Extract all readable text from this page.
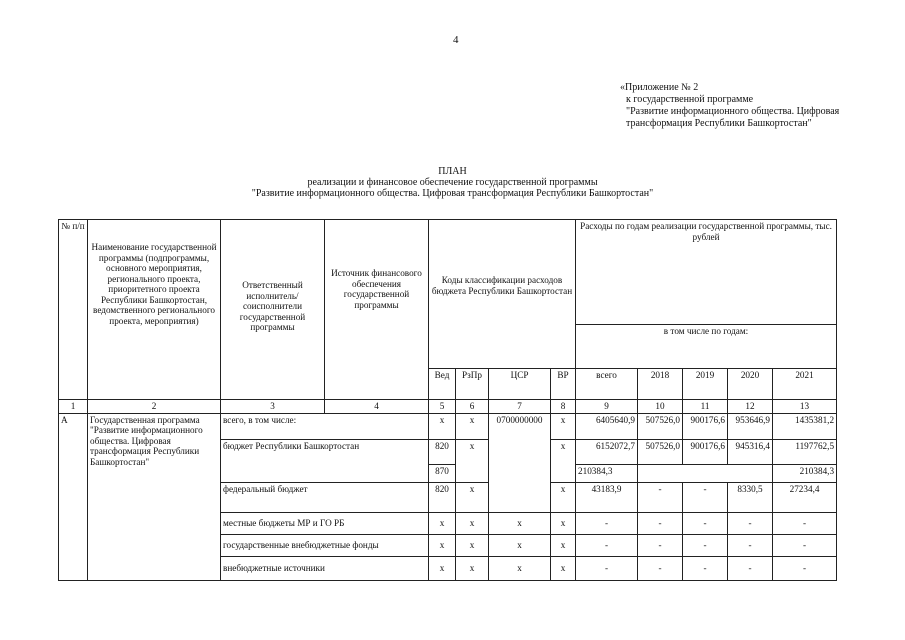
4
«Приложение № 2
к государственной программе
"Развитие информационного общества. Цифровая
трансформация Республики Башкортостан"
ПЛАН
реализации и финансовое обеспечение государственной программы
"Развитие информационного общества. Цифровая трансформация Республики Башкортостан"
№ п/п	Наименование государственной программы (подпрограммы, основного мероприятия, регионального проекта, приоритетного проекта Республики Башкортостан, ведомственного регионального проекта, мероприятия)	Ответственный исполнитель/ соисполнители государственной программы	Источник финансового обеспечения государственной программы	Коды классификации расходов бюджета Республики Башкортостан				Расходы по годам реализации государственной программы, тыс. рублей				
								в том числе по годам:				
				Вед	РзПр	ЦСР	ВР	всего	2018	2019	2020	2021
1	2	3	4	5	6	7	8	9	10	11	12	13
А	Государственная программа "Развитие информационного общества. Цифровая трансформация Республики Башкортостан"	всего, в том числе:		х	х	0700000000	х	6405640,9	507526,0	900176,6	953646,9	1435381,2
		бюджет Республики Башкортостан		820	х		х	6152072,7	507526,0	900176,6	945316,4	1197762,5
				870				210384,3				210384,3
		федеральный бюджет		820	х		х	43183,9	-	-	8330,5	27234,4
		местные бюджеты МР и ГО РБ		х	х	х	х	-	-	-	-	-
		государственные внебюджетные фонды		х	х	х	х	-	-	-	-	-
		внебюджетные источники		х	х	х	х	-	-	-	-	-
